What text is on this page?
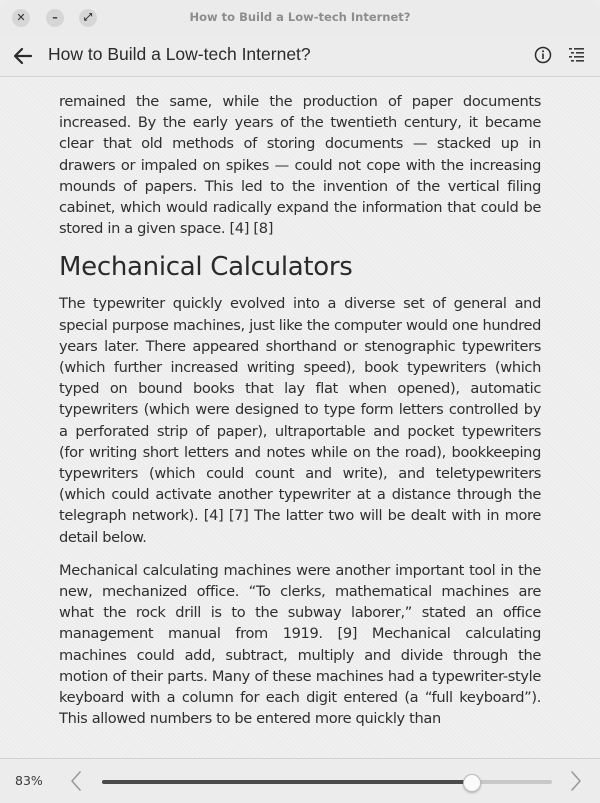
✕	–	⤢	How to Build a Low-tech Internet?
How to Build a Low-tech Internet?

remained the same, while the production of paper documents increased. By the early years of the twentieth century, it became clear that old methods of storing documents — stacked up in drawers or impaled on spikes — could not cope with the increasing mounds of papers. This led to the invention of the vertical filing cabinet, which would radically expand the information that could be stored in a given space. [4] [8]

Mechanical Calculators

The typewriter quickly evolved into a diverse set of general and special purpose machines, just like the computer would one hundred years later. There appeared shorthand or stenographic typewriters (which further increased writing speed), book typewriters (which typed on bound books that lay flat when opened), automatic typewriters (which were designed to type form letters controlled by a perforated strip of paper), ultraportable and pocket typewriters (for writing short letters and notes while on the road), bookkeeping typewriters (which could count and write), and teletypewriters (which could activate another typewriter at a distance through the telegraph network). [4] [7] The latter two will be dealt with in more detail below.

Mechanical calculating machines were another important tool in the new, mechanized office. “To clerks, mathematical machines are what the rock drill is to the subway laborer,” stated an office management manual from 1919. [9] Mechanical calculating machines could add, subtract, multiply and divide through the motion of their parts. Many of these machines had a typewriter-style keyboard with a column for each digit entered (a “full keyboard”). This allowed numbers to be entered more quickly than

83%
